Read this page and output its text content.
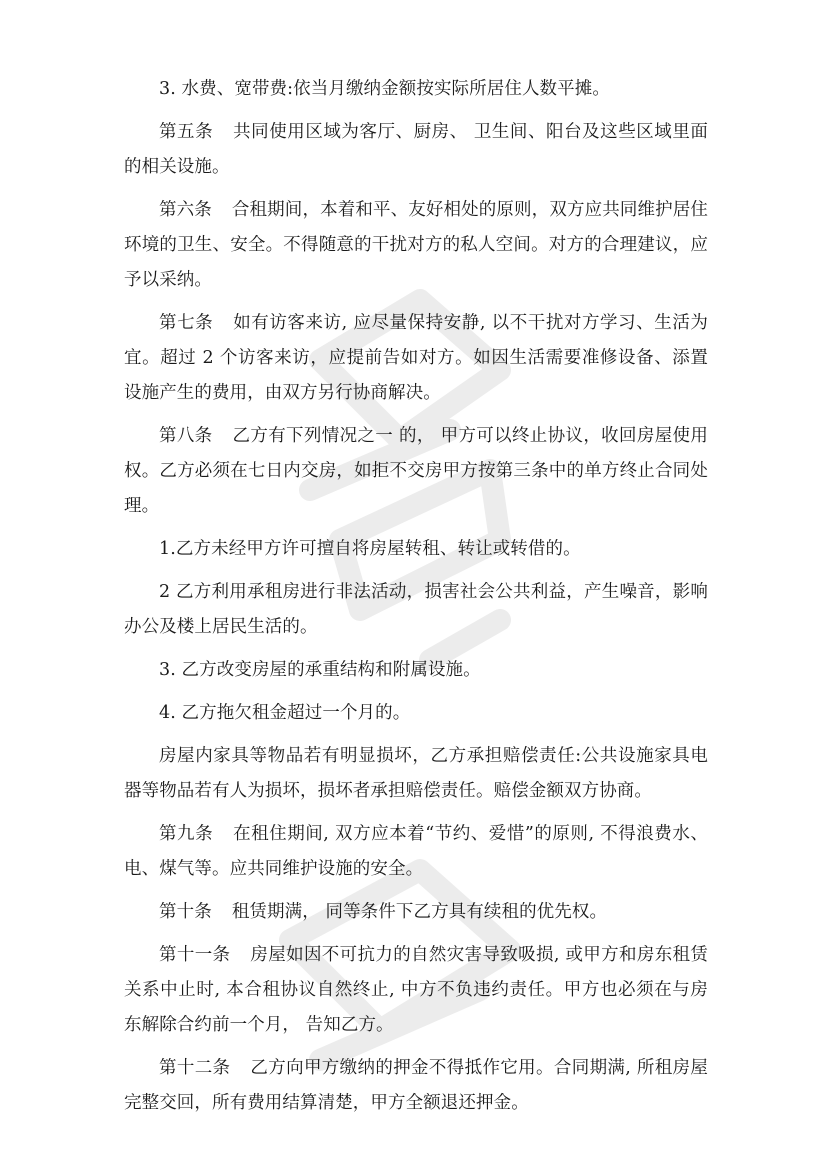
3. 水费、宽带费:依当月缴纳金额按实际所居住人数平摊。

第五条 共同使用区域为客厅、厨房、 卫生间、阳台及这些区域里面的相关设施。

第六条 合租期间，本着和平、友好相处的原则，双方应共同维护居住环境的卫生、安全。不得随意的干扰对方的私人空间。对方的合理建议，应予以采纳。

第七条 如有访客来访, 应尽量保持安静, 以不干扰对方学习、生活为宜。超过 2 个访客来访，应提前告如对方。如因生活需要准修设备、添置设施产生的费用，由双方另行协商解决。

第八条 乙方有下列情况之一 的， 甲方可以终止协议，收回房屋使用权。乙方必须在七日内交房，如拒不交房甲方按第三条中的单方终止合同处理。

1.乙方未经甲方许可擅自将房屋转租、转让或转借的。

2 乙方利用承租房进行非法活动，损害社会公共利益，产生噪音，影响办公及楼上居民生活的。

3. 乙方改变房屋的承重结构和附属设施。

4. 乙方拖欠租金超过一个月的。

房屋内家具等物品若有明显损坏，乙方承担赔偿责任:公共设施家具电器等物品若有人为损坏，损坏者承担赔偿责任。赔偿金额双方协商。

第九条 在租住期间, 双方应本着“节约、爱惜”的原则, 不得浪费水、电、煤气等。应共同维护设施的安全。

第十条 租赁期满， 同等条件下乙方具有续租的优先权。

第十一条 房屋如因不可抗力的自然灾害导致吸损, 或甲方和房东租赁关系中止时, 本合租协议自然终止, 中方不负违约责任。甲方也必须在与房东解除合约前一个月， 告知乙方。

第十二条 乙方向甲方缴纳的押金不得抵作它用。合同期满, 所租房屋完整交回，所有费用结算清楚，甲方全额退还押金。
